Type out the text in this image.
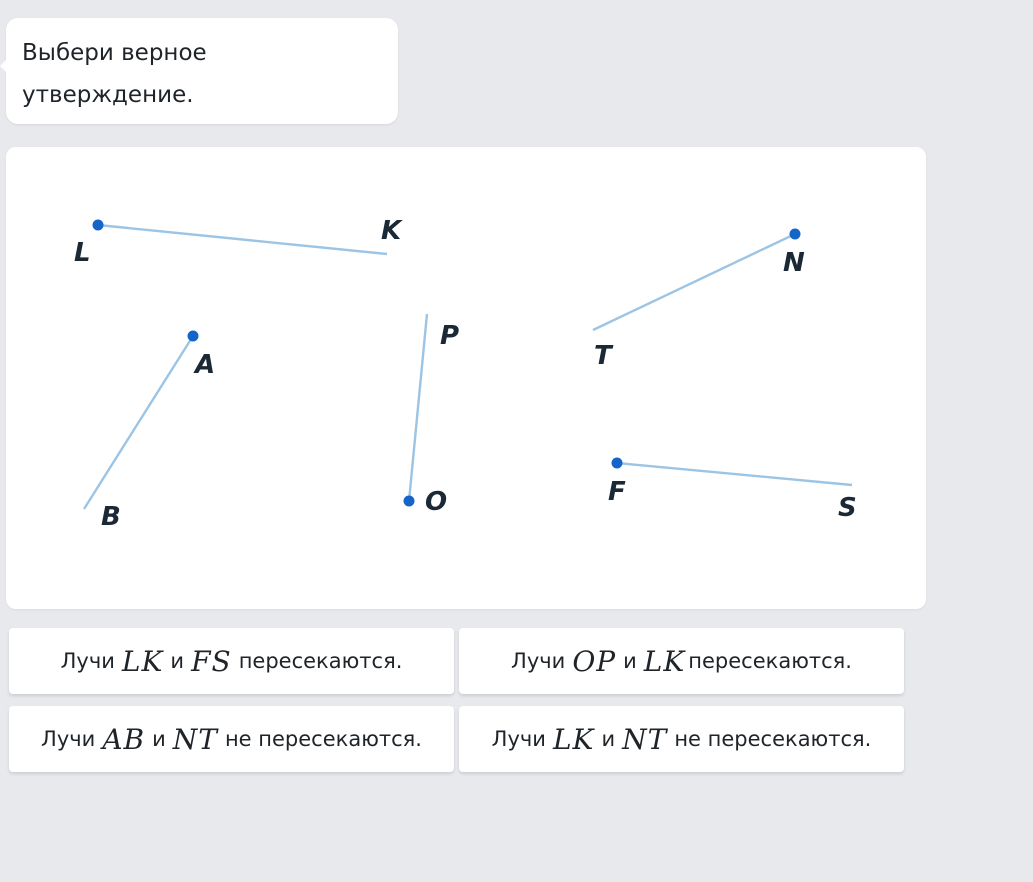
Выбери верное
утверждение.
L
K
N
T
A
B	O
P
F
S
Лучи LK и FS пересекаются.	Лучи OP и LK пересекаются.
Лучи AB и NT не пересекаются.	Лучи LK и NT не пересекаются.
